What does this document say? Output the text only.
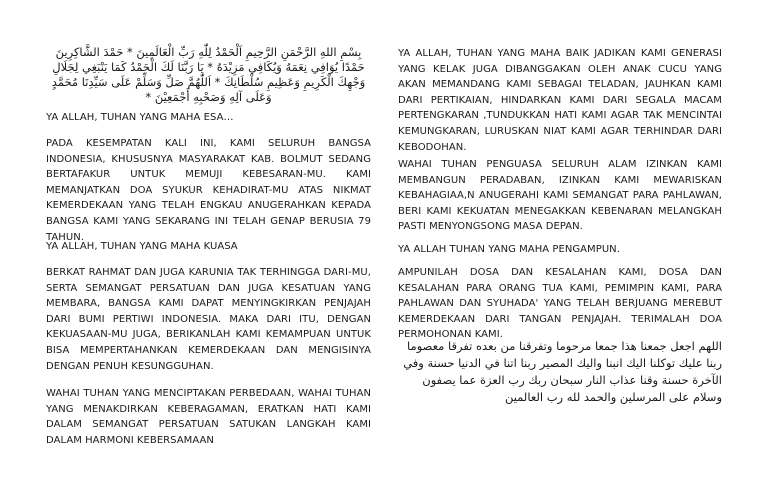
بِسْمِ اللهِ الرَّحْمَنِ الرَّحِيمِ اَلْحَمْدُ لِلّٰهِ رَبِّ الْعَالَمِينَ * حَمْدَ الشَّاكِرِينَ حَمْدًا يُوَافِي نِعَمَهُ وَيُكَافِي مَزِيْدَهُ * يَا رَبَّنَا لَكَ الْحَمْدُ كَمَا يَنْبَغِي لِجَلَالِ وَجْهِكَ الْكَرِيمِ وَعَظِيمِ سُلْطَانِكَ * اَللّٰهُمَّ صَلِّ وَسَلِّمْ عَلَى سَيِّدِنَا مُحَمَّدٍ وَعَلَى آلِهِ وَصَحْبِهِ أَجْمَعِيْنَ *

YA ALLAH, TUHAN YANG MAHA ESA…

PADA KESEMPATAN KALI INI, KAMI SELURUH BANGSA INDONESIA, KHUSUSNYA MASYARAKAT KAB. BOLMUT SEDANG BERTAFAKUR UNTUK MEMUJI KEBESARAN-MU. KAMI MEMANJATKAN DOA SYUKUR KEHADIRAT-MU ATAS NIKMAT KEMERDEKAAN YANG TELAH ENGKAU ANUGERAHKAN KEPADA BANGSA KAMI YANG SEKARANG INI TELAH GENAP BERUSIA 79 TAHUN.

YA ALLAH, TUHAN YANG MAHA KUASA

BERKAT RAHMAT DAN JUGA KARUNIA TAK TERHINGGA DARI-MU, SERTA SEMANGAT PERSATUAN DAN JUGA KESATUAN YANG MEMBARA, BANGSA KAMI DAPAT MENYINGKIRKAN PENJAJAH DARI BUMI PERTIWI INDONESIA. MAKA DARI ITU, DENGAN KEKUASAAN-MU JUGA, BERIKANLAH KAMI KEMAMPUAN UNTUK BISA MEMPERTAHANKAN KEMERDEKAAN DAN MENGISINYA DENGAN PENUH KESUNGGUHAN.

WAHAI TUHAN YANG MENCIPTAKAN PERBEDAAN, WAHAI TUHAN YANG MENAKDIRKAN KEBERAGAMAN, ERATKAN HATI KAMI DALAM SEMANGAT PERSATUAN SATUKAN LANGKAH KAMI DALAM HARMONI KEBERSAMAAN

YA ALLAH, TUHAN YANG MAHA BAIK JADIKAN KAMI GENERASI YANG KELAK JUGA DIBANGGAKAN OLEH ANAK CUCU YANG AKAN MEMANDANG KAMI SEBAGAI TELADAN, JAUHKAN KAMI DARI PERTIKAIAN, HINDARKAN KAMI DARI SEGALA MACAM PERTENGKARAN ,TUNDUKKAN HATI KAMI AGAR TAK MENCINTAI KEMUNGKARAN, LURUSKAN NIAT KAMI AGAR TERHINDAR DARI KEBODOHAN.

WAHAI TUHAN PENGUASA SELURUH ALAM IZINKAN KAMI MEMBANGUN PERADABAN, IZINKAN KAMI MEWARISKAN KEBAHAGIAA,N ANUGERAHI KAMI SEMANGAT PARA PAHLAWAN, BERI KAMI KEKUATAN MENEGAKKAN KEBENARAN MELANGKAH PASTI MENYONGSONG MASA DEPAN.

YA ALLAH TUHAN YANG MAHA PENGAMPUN.

AMPUNILAH DOSA DAN KESALAHAN KAMI, DOSA DAN KESALAHAN PARA ORANG TUA KAMI, PEMIMPIN KAMI, PARA PAHLAWAN DAN SYUHADA' YANG TELAH BERJUANG MEREBUT KEMERDEKAAN DARI TANGAN PENJAJAH. TERIMALAH DOA PERMOHONAN KAMI.

اللهم اجعل جمعنا هذا جمعا مرحوما وتفرقنا من بعده تفرقا معصوما ربنا عليك توكلنا اليك انبنا واليك المصير ربنا اتنا في الدنيا حسنة وفي الآخرة حسنة وقنا عذاب النار سبحان ربك رب العزة عما يصفون وسلام على المرسلين والحمد لله رب العالمين
